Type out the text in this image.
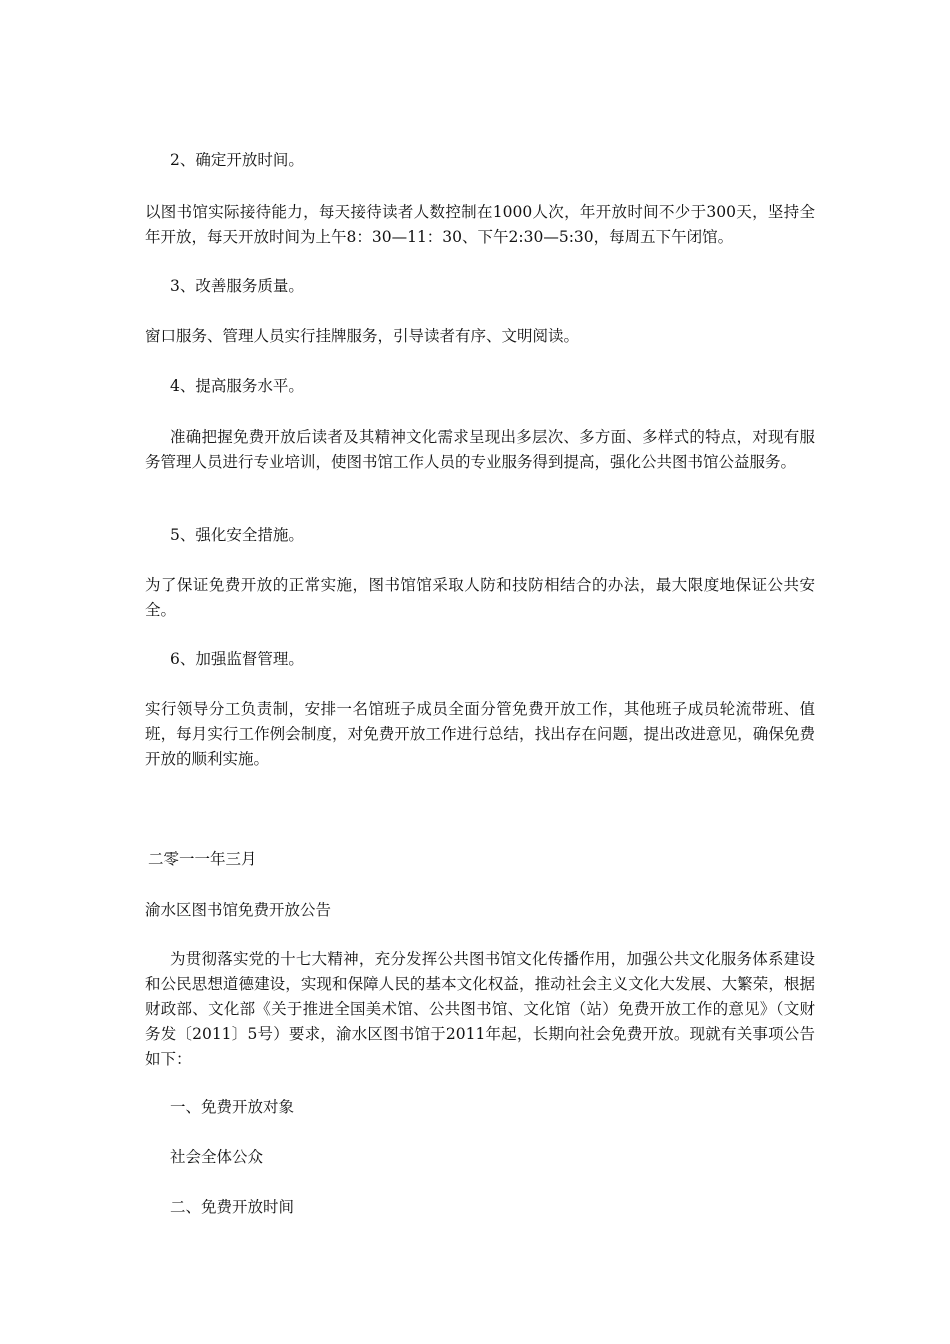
2、确定开放时间。

以图书馆实际接待能力，每天接待读者人数控制在1000人次，年开放时间不少于300天，坚持全年开放，每天开放时间为上午8：30—11：30、下午2:30—5:30，每周五下午闭馆。

3、改善服务质量。

窗口服务、管理人员实行挂牌服务，引导读者有序、文明阅读。

4、提高服务水平。

准确把握免费开放后读者及其精神文化需求呈现出多层次、多方面、多样式的特点，对现有服务管理人员进行专业培训，使图书馆工作人员的专业服务得到提高，强化公共图书馆公益服务。

5、强化安全措施。

为了保证免费开放的正常实施，图书馆馆采取人防和技防相结合的办法，最大限度地保证公共安全。

6、加强监督管理。

实行领导分工负责制，安排一名馆班子成员全面分管免费开放工作，其他班子成员轮流带班、值班，每月实行工作例会制度，对免费开放工作进行总结，找出存在问题，提出改进意见，确保免费开放的顺利实施。

二零一一年三月

渝水区图书馆免费开放公告

为贯彻落实党的十七大精神，充分发挥公共图书馆文化传播作用，加强公共文化服务体系建设和公民思想道德建设，实现和保障人民的基本文化权益，推动社会主义文化大发展、大繁荣，根据财政部、文化部《关于推进全国美术馆、公共图书馆、文化馆（站）免费开放工作的意见》（文财务发〔2011〕5号）要求，渝水区图书馆于2011年起，长期向社会免费开放。现就有关事项公告如下：

一、免费开放对象

社会全体公众

二、免费开放时间
